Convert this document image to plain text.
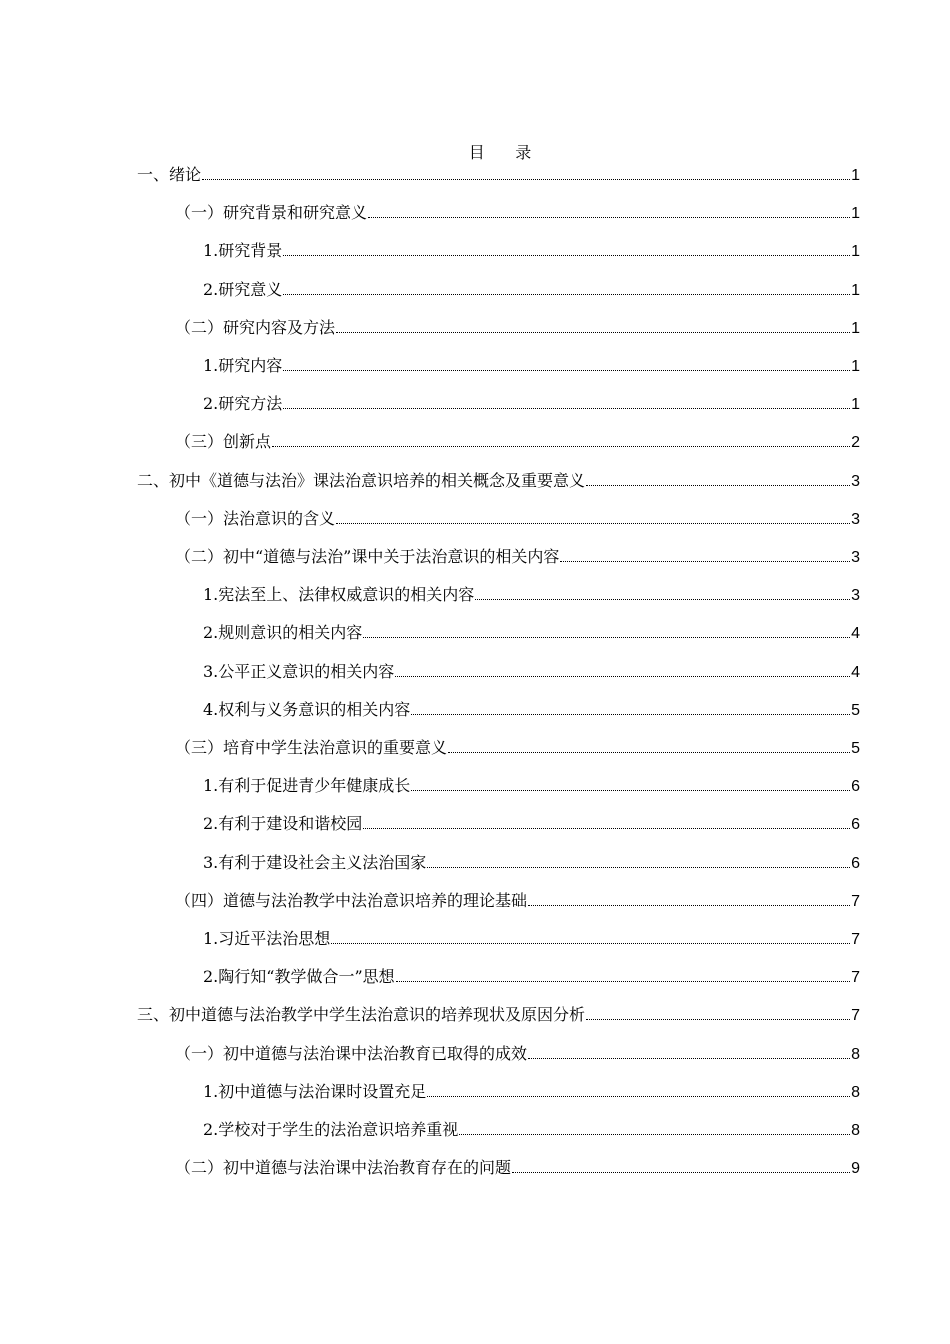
目      录
一、绪论	1
（一）研究背景和研究意义	1
1.研究背景	1
2.研究意义	1
（二）研究内容及方法	1
1.研究内容	1
2.研究方法	1
（三）创新点	2
二、初中《道德与法治》课法治意识培养的相关概念及重要意义	3
（一）法治意识的含义	3
（二）初中“道德与法治”课中关于法治意识的相关内容	3
1.宪法至上、法律权威意识的相关内容	3
2.规则意识的相关内容	4
3.公平正义意识的相关内容	4
4.权利与义务意识的相关内容	5
（三）培育中学生法治意识的重要意义	5
1.有利于促进青少年健康成长	6
2.有利于建设和谐校园	6
3.有利于建设社会主义法治国家	6
（四）道德与法治教学中法治意识培养的理论基础	7
1.习近平法治思想	7
2.陶行知“教学做合一”思想	7
三、初中道德与法治教学中学生法治意识的培养现状及原因分析	7
（一）初中道德与法治课中法治教育已取得的成效	8
1.初中道德与法治课时设置充足	8
2.学校对于学生的法治意识培养重视	8
（二）初中道德与法治课中法治教育存在的问题	9
